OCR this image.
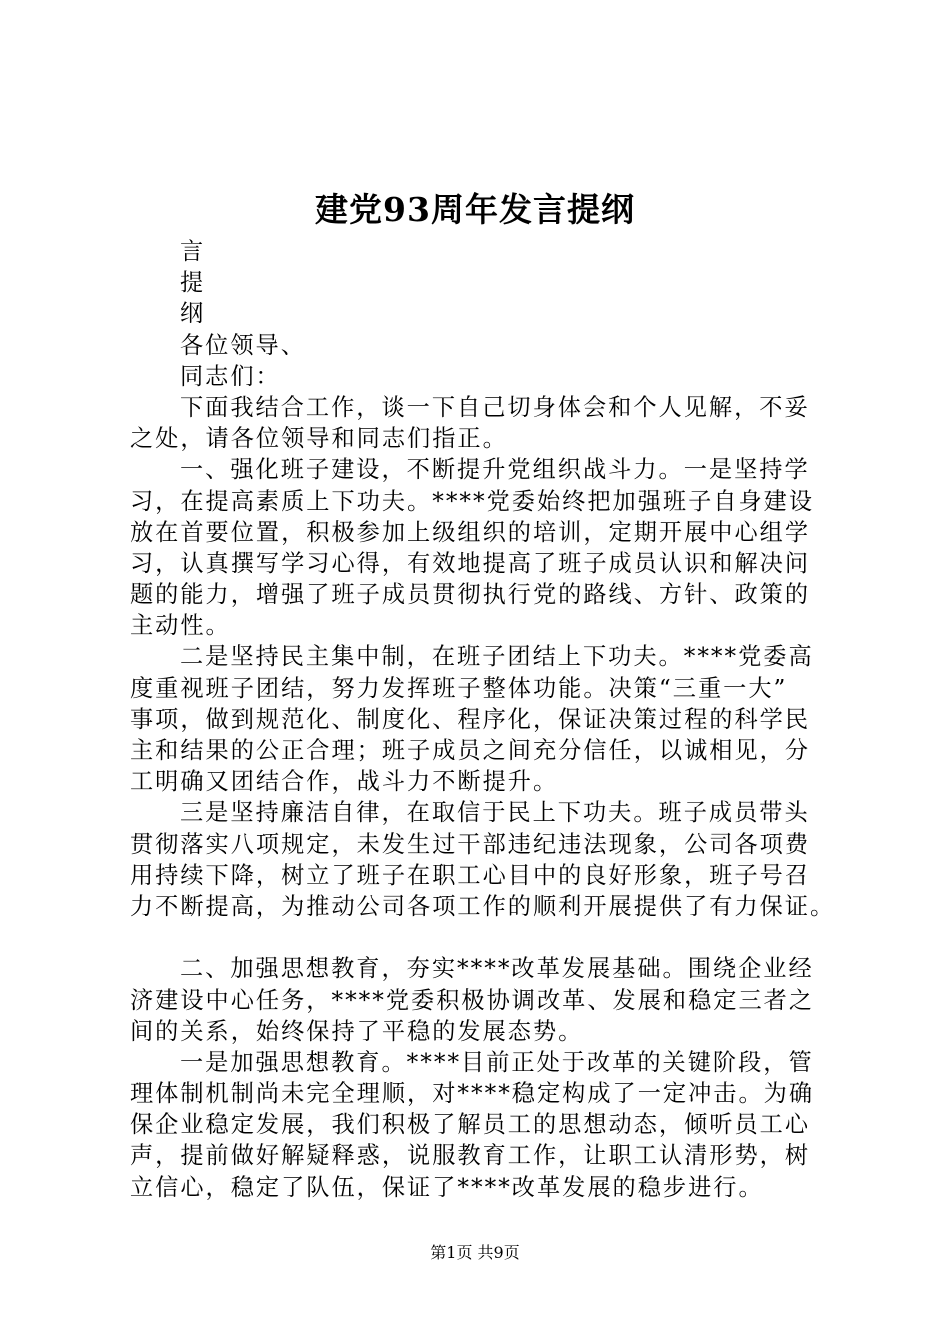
建党93周年发言提纲
言
提
纲
各位领导、
同志们：
下面我结合工作，谈一下自己切身体会和个人见解，不妥
之处，请各位领导和同志们指正。
一、强化班子建设，不断提升党组织战斗力。一是坚持学
习，在提高素质上下功夫。****党委始终把加强班子自身建设
放在首要位置，积极参加上级组织的培训，定期开展中心组学
习，认真撰写学习心得，有效地提高了班子成员认识和解决问
题的能力，增强了班子成员贯彻执行党的路线、方针、政策的
主动性。
二是坚持民主集中制，在班子团结上下功夫。****党委高
度重视班子团结，努力发挥班子整体功能。决策“三重一大”
事项，做到规范化、制度化、程序化，保证决策过程的科学民
主和结果的公正合理；班子成员之间充分信任，以诚相见，分
工明确又团结合作，战斗力不断提升。
三是坚持廉洁自律，在取信于民上下功夫。班子成员带头
贯彻落实八项规定，未发生过干部违纪违法现象，公司各项费
用持续下降，树立了班子在职工心目中的良好形象，班子号召
力不断提高，为推动公司各项工作的顺利开展提供了有力保证。
二、加强思想教育，夯实****改革发展基础。围绕企业经
济建设中心任务，****党委积极协调改革、发展和稳定三者之
间的关系，始终保持了平稳的发展态势。
一是加强思想教育。****目前正处于改革的关键阶段，管
理体制机制尚未完全理顺，对****稳定构成了一定冲击。为确
保企业稳定发展，我们积极了解员工的思想动态，倾听员工心
声，提前做好解疑释惑，说服教育工作，让职工认清形势，树
立信心，稳定了队伍，保证了****改革发展的稳步进行。
第1页 共9页
